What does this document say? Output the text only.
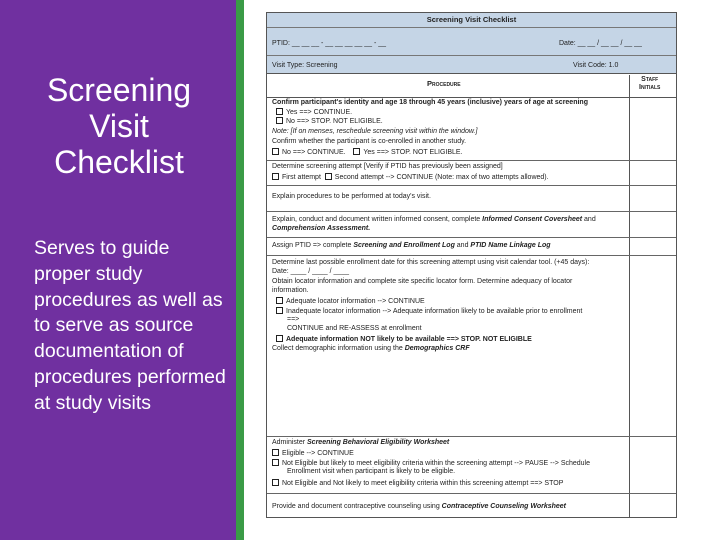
Screening Visit Checklist
Serves to guide proper study procedures as well as to serve as source documentation of procedures performed at study visits
Screening Visit Checklist
PTID: __ __ __ - __ __ __ __ __ - __	Date: __ __ / __ __ / __ __
Visit Type: Screening	Visit Code: 1.0
Procedure	Staff
Initials
Confirm participant's identity and age 18 through 45 years (inclusive) years of age at screening
Yes ==> CONTINUE.
No ==> STOP. NOT ELIGIBLE.
Note: [If on menses, reschedule screening visit within the window.]
Confirm whether the participant is co-enrolled in another study.
No ==> CONTINUE.	Yes ==> STOP. NOT ELIGIBLE.
Determine screening attempt [Verify if PTID has previously been assigned]
First attempt Second attempt --> CONTINUE (Note: max of two attempts allowed).
Explain procedures to be performed at today's visit.
Explain, conduct and document written informed consent, complete Informed Consent Coversheet and
Comprehension Assessment.
Assign PTID => complete Screening and Enrollment Log and PTID Name Linkage Log
Determine last possible enrollment date for this screening attempt using visit calendar tool. (+45 days):
Date: ____ / ____ / ____
Obtain locator information and complete site specific locator form. Determine adequacy of locator
information.
Adequate locator information --> CONTINUE
Inadequate locator information --> Adequate information likely to be available prior to enrollment
==>
CONTINUE and RE-ASSESS at enrollment
Adequate information NOT likely to be available ==> STOP. NOT ELIGIBLE
Collect demographic information using the Demographics CRF
Administer Screening Behavioral Eligibility Worksheet
Eligible --> CONTINUE
Not Eligible but likely to meet eligibility criteria within the screening attempt --> PAUSE --> Schedule
Enrollment visit when participant is likely to be eligible.
Not Eligible and Not likely to meet eligibility criteria within this screening attempt ==> STOP
Provide and document contraceptive counseling using Contraceptive Counseling Worksheet
